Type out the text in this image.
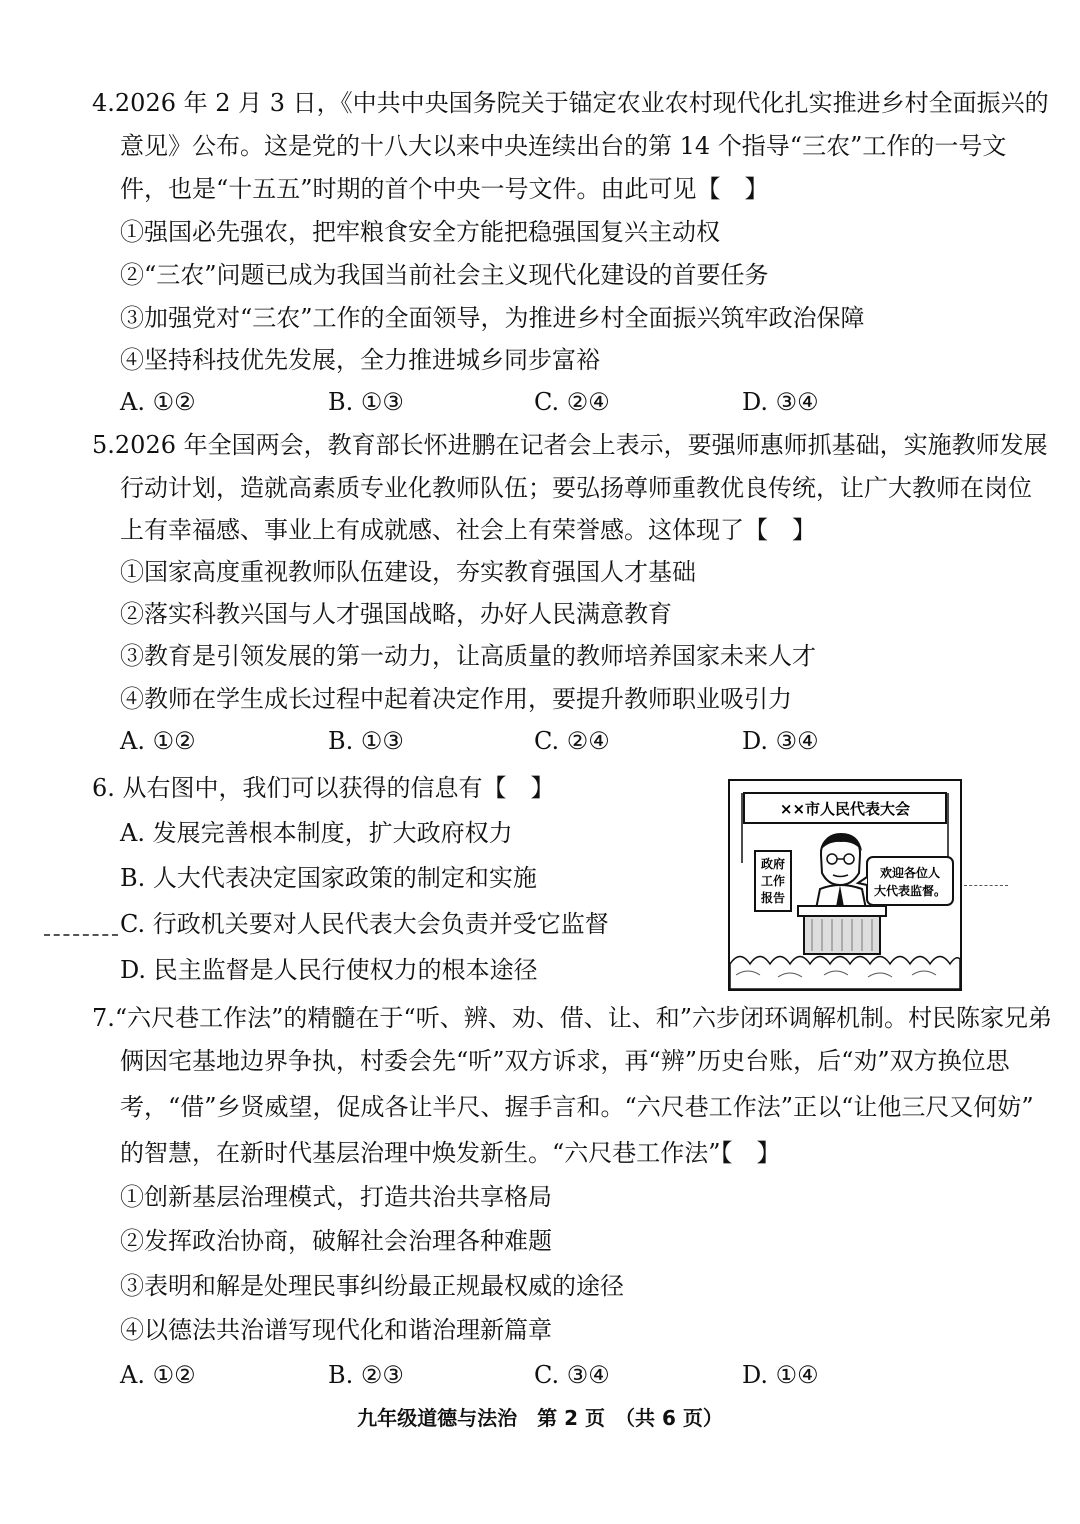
4.2026 年 2 月 3 日，《中共中央国务院关于锚定农业农村现代化扎实推进乡村全面振兴的
意见》公布。这是党的十八大以来中央连续出台的第 14 个指导“三农”工作的一号文
件，也是“十五五”时期的首个中央一号文件。由此可见【　】
①强国必先强农，把牢粮食安全方能把稳强国复兴主动权
②“三农”问题已成为我国当前社会主义现代化建设的首要任务
③加强党对“三农”工作的全面领导，为推进乡村全面振兴筑牢政治保障
④坚持科技优先发展，全力推进城乡同步富裕
A. ①②	B. ①③	C. ②④	D. ③④
5.2026 年全国两会，教育部长怀进鹏在记者会上表示，要强师惠师抓基础，实施教师发展
行动计划，造就高素质专业化教师队伍；要弘扬尊师重教优良传统，让广大教师在岗位
上有幸福感、事业上有成就感、社会上有荣誉感。这体现了【　】
①国家高度重视教师队伍建设，夯实教育强国人才基础
②落实科教兴国与人才强国战略，办好人民满意教育
③教育是引领发展的第一动力，让高质量的教师培养国家未来人才
④教师在学生成长过程中起着决定作用，要提升教师职业吸引力
A. ①②	B. ①③	C. ②④	D. ③④
6. 从右图中，我们可以获得的信息有【　】
A. 发展完善根本制度，扩大政府权力
B. 人大代表决定国家政策的制定和实施
C. 行政机关要对人民代表大会负责并受它监督
D. 民主监督是人民行使权力的根本途径
××市人民代表大会
政府
工作
报告
欢迎各位人
大代表监督。
7.“六尺巷工作法”的精髓在于“听、辨、劝、借、让、和”六步闭环调解机制。村民陈家兄弟
俩因宅基地边界争执，村委会先“听”双方诉求，再“辨”历史台账，后“劝”双方换位思
考，“借”乡贤威望，促成各让半尺、握手言和。“六尺巷工作法”正以“让他三尺又何妨”
的智慧，在新时代基层治理中焕发新生。“六尺巷工作法”【　】
①创新基层治理模式，打造共治共享格局
②发挥政治协商，破解社会治理各种难题
③表明和解是处理民事纠纷最正规最权威的途径
④以德法共治谱写现代化和谐治理新篇章
A. ①②	B. ②③	C. ③④	D. ①④
九年级道德与法治　第 2 页　（共 6 页）
